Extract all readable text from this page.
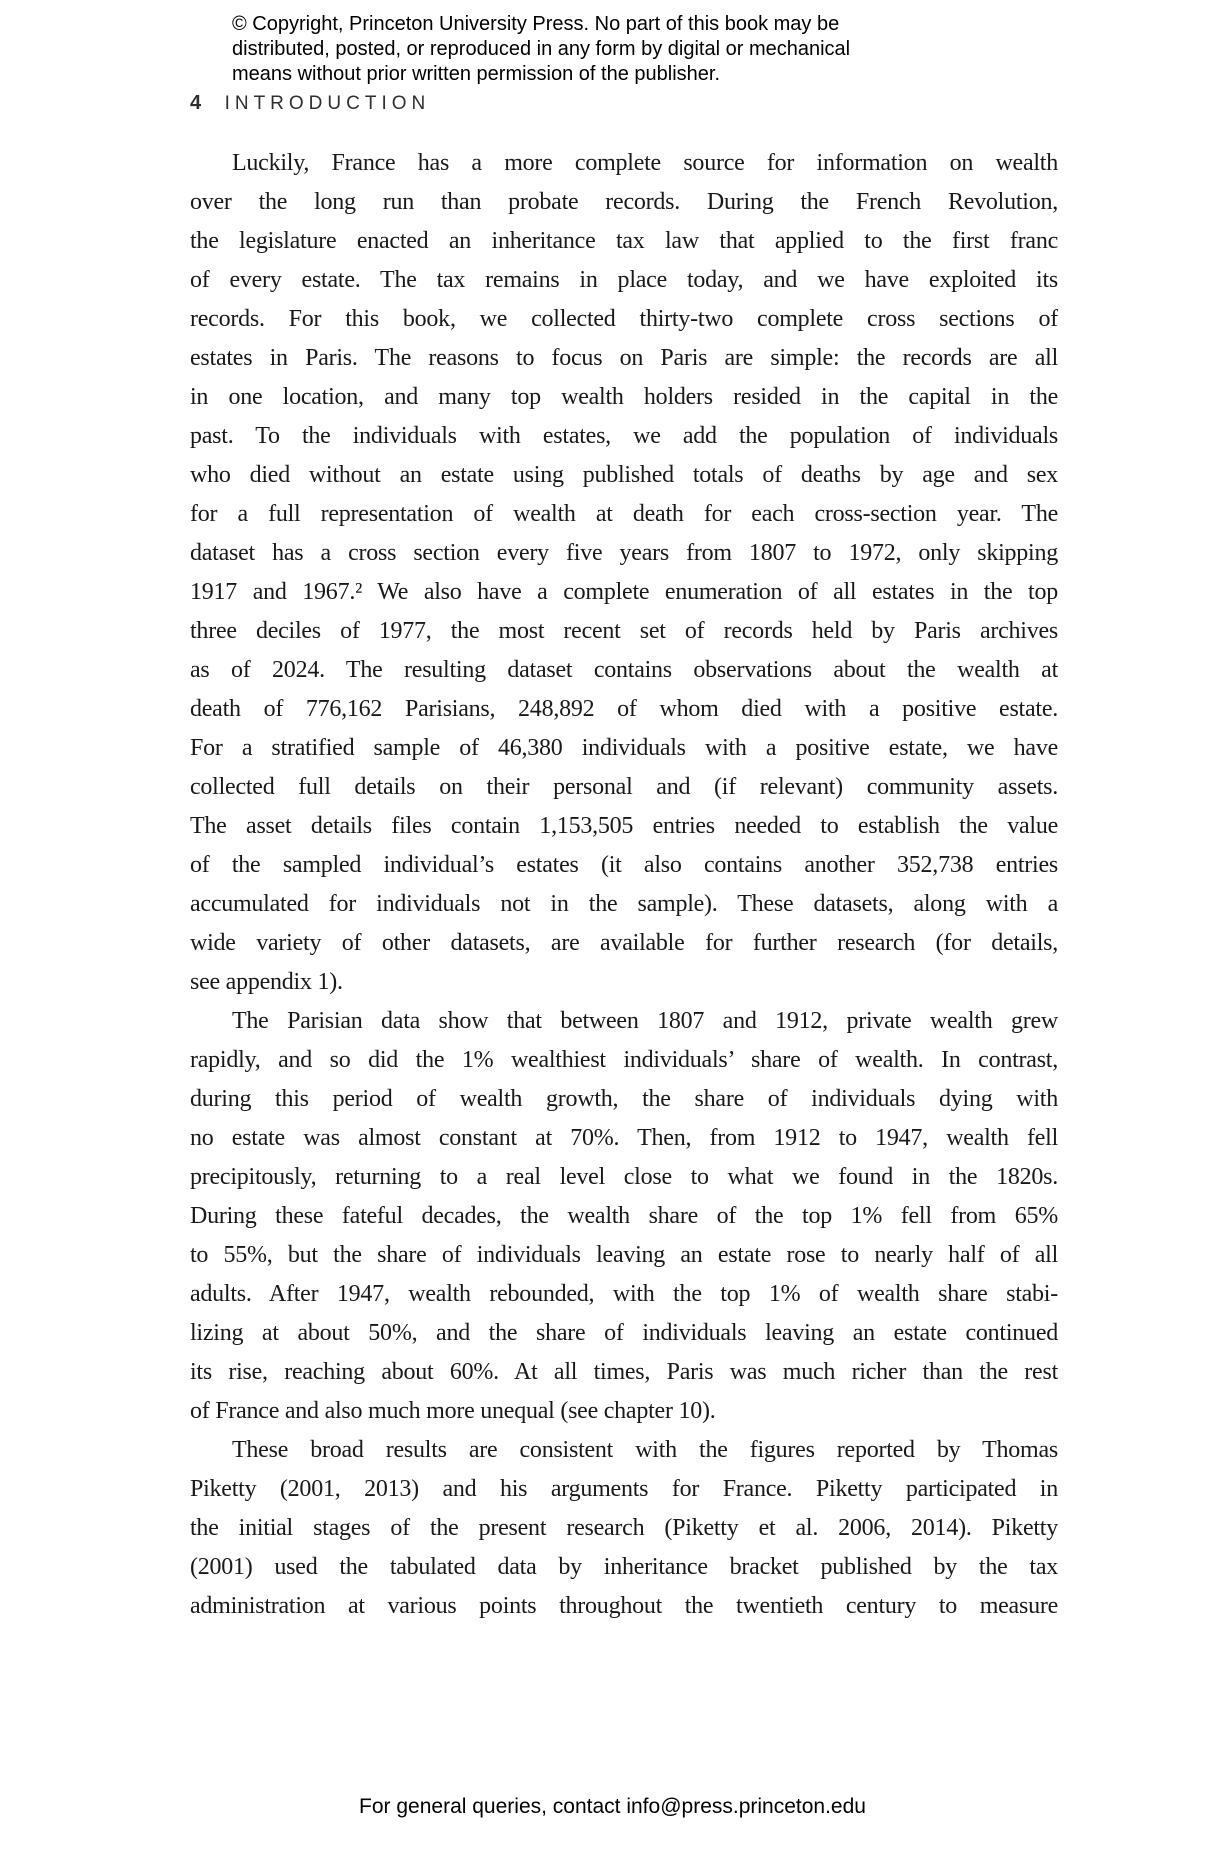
© Copyright, Princeton University Press. No part of this book may be
distributed, posted, or reproduced in any form by digital or mechanical
means without prior written permission of the publisher.
4 INTRODUCTION
Luckily, France has a more complete source for information on wealth
over the long run than probate records. During the French Revolution,
the legislature enacted an inheritance tax law that applied to the first franc
of every estate. The tax remains in place today, and we have exploited its
records. For this book, we collected thirty-two complete cross sections of
estates in Paris. The reasons to focus on Paris are simple: the records are all
in one location, and many top wealth holders resided in the capital in the
past. To the individuals with estates, we add the population of individuals
who died without an estate using published totals of deaths by age and sex
for a full representation of wealth at death for each cross-section year. The
dataset has a cross section every five years from 1807 to 1972, only skipping
1917 and 1967.² We also have a complete enumeration of all estates in the top
three deciles of 1977, the most recent set of records held by Paris archives
as of 2024. The resulting dataset contains observations about the wealth at
death of 776,162 Parisians, 248,892 of whom died with a positive estate.
For a stratified sample of 46,380 individuals with a positive estate, we have
collected full details on their personal and (if relevant) community assets.
The asset details files contain 1,153,505 entries needed to establish the value
of the sampled individual’s estates (it also contains another 352,738 entries
accumulated for individuals not in the sample). These datasets, along with a
wide variety of other datasets, are available for further research (for details,
see appendix 1).
The Parisian data show that between 1807 and 1912, private wealth grew
rapidly, and so did the 1% wealthiest individuals’ share of wealth. In contrast,
during this period of wealth growth, the share of individuals dying with
no estate was almost constant at 70%. Then, from 1912 to 1947, wealth fell
precipitously, returning to a real level close to what we found in the 1820s.
During these fateful decades, the wealth share of the top 1% fell from 65%
to 55%, but the share of individuals leaving an estate rose to nearly half of all
adults. After 1947, wealth rebounded, with the top 1% of wealth share stabi-
lizing at about 50%, and the share of individuals leaving an estate continued
its rise, reaching about 60%. At all times, Paris was much richer than the rest
of France and also much more unequal (see chapter 10).
These broad results are consistent with the figures reported by Thomas
Piketty (2001, 2013) and his arguments for France. Piketty participated in
the initial stages of the present research (Piketty et al. 2006, 2014). Piketty
(2001) used the tabulated data by inheritance bracket published by the tax
administration at various points throughout the twentieth century to measure
For general queries, contact info@press.princeton.edu
